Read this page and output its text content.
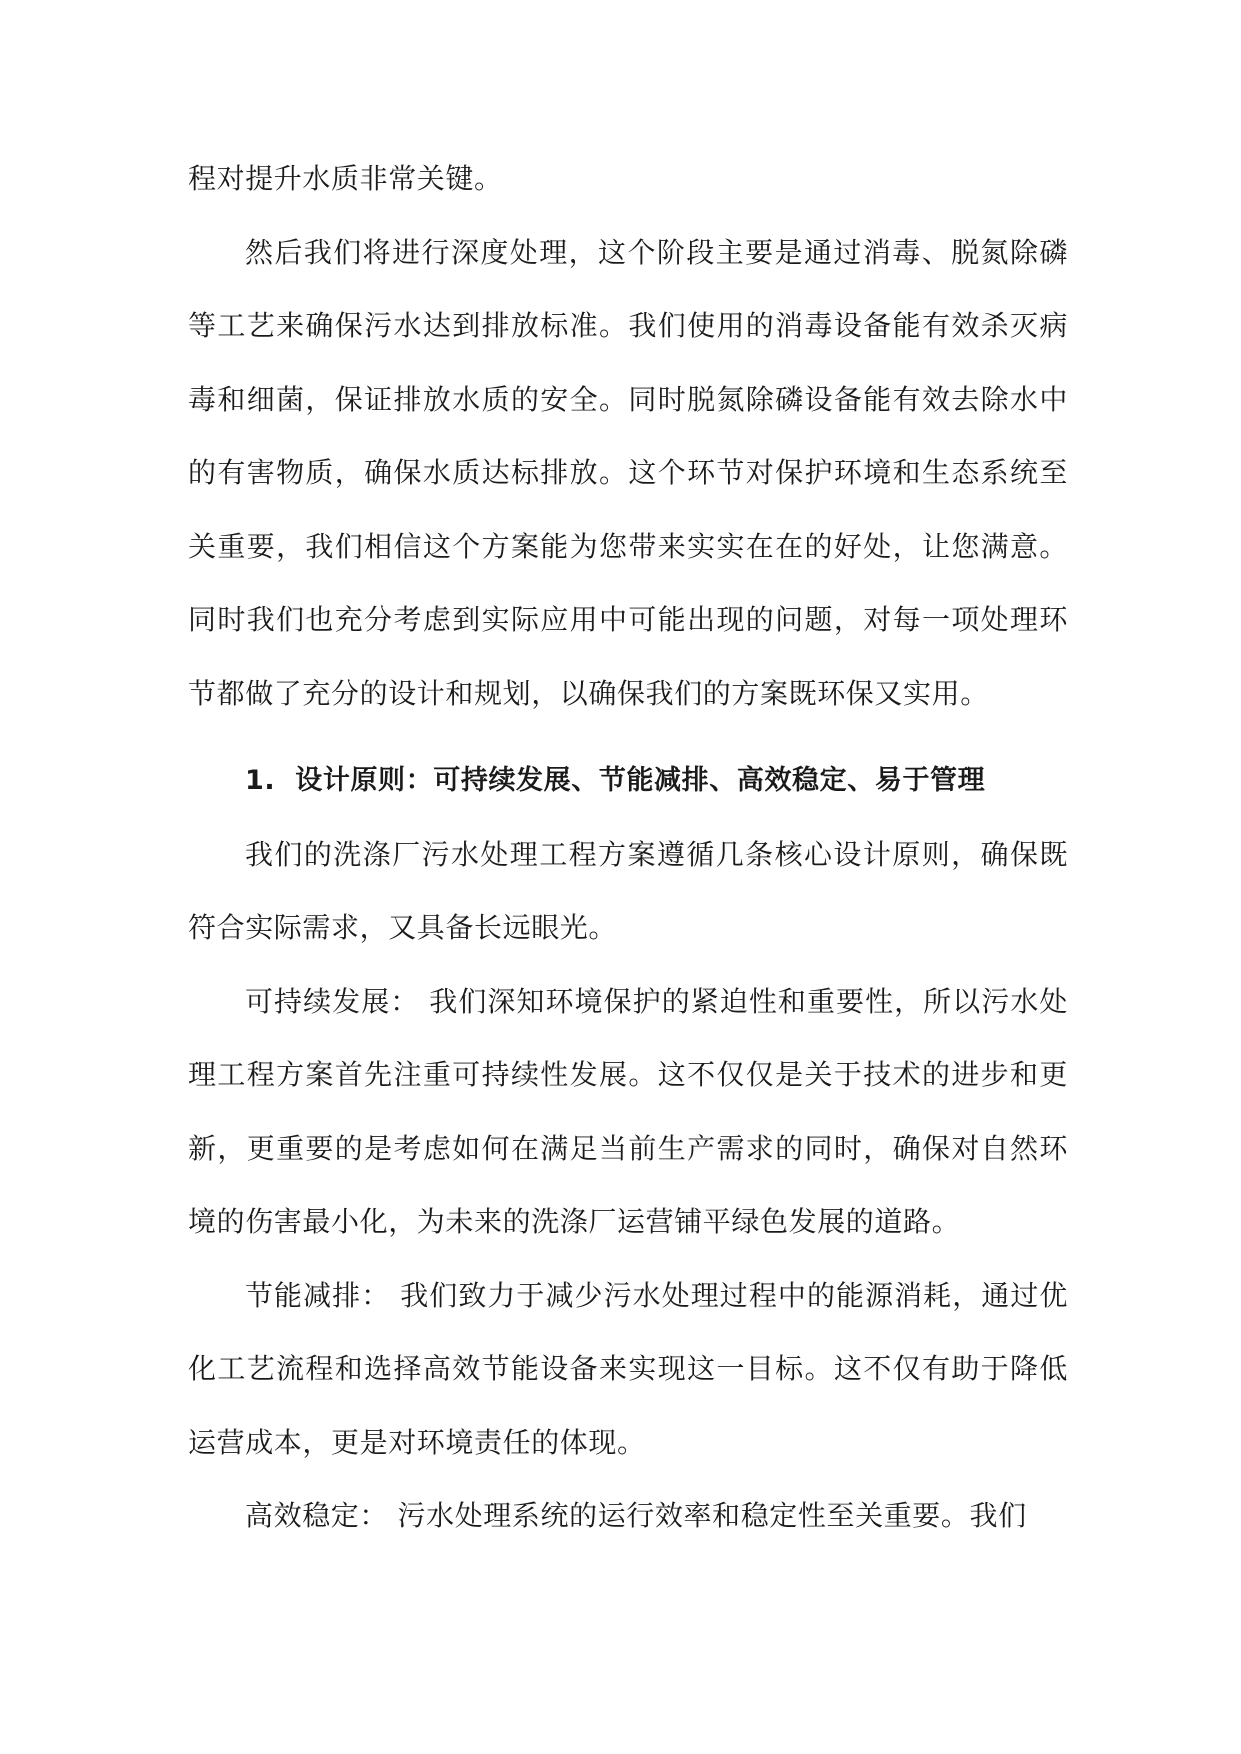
程对提升水质非常关键。

然后我们将进行深度处理，这个阶段主要是通过消毒、脱氮除磷等工艺来确保污水达到排放标准。我们使用的消毒设备能有效杀灭病毒和细菌，保证排放水质的安全。同时脱氮除磷设备能有效去除水中的有害物质，确保水质达标排放。这个环节对保护环境和生态系统至关重要，我们相信这个方案能为您带来实实在在的好处，让您满意。同时我们也充分考虑到实际应用中可能出现的问题，对每一项处理环节都做了充分的设计和规划，以确保我们的方案既环保又实用。

1. 设计原则：可持续发展、节能减排、高效稳定、易于管理

我们的洗涤厂污水处理工程方案遵循几条核心设计原则，确保既符合实际需求，又具备长远眼光。

可持续发展： 我们深知环境保护的紧迫性和重要性，所以污水处理工程方案首先注重可持续性发展。这不仅仅是关于技术的进步和更新，更重要的是考虑如何在满足当前生产需求的同时，确保对自然环境的伤害最小化，为未来的洗涤厂运营铺平绿色发展的道路。

节能减排： 我们致力于减少污水处理过程中的能源消耗，通过优化工艺流程和选择高效节能设备来实现这一目标。这不仅有助于降低运营成本，更是对环境责任的体现。

高效稳定： 污水处理系统的运行效率和稳定性至关重要。我们
